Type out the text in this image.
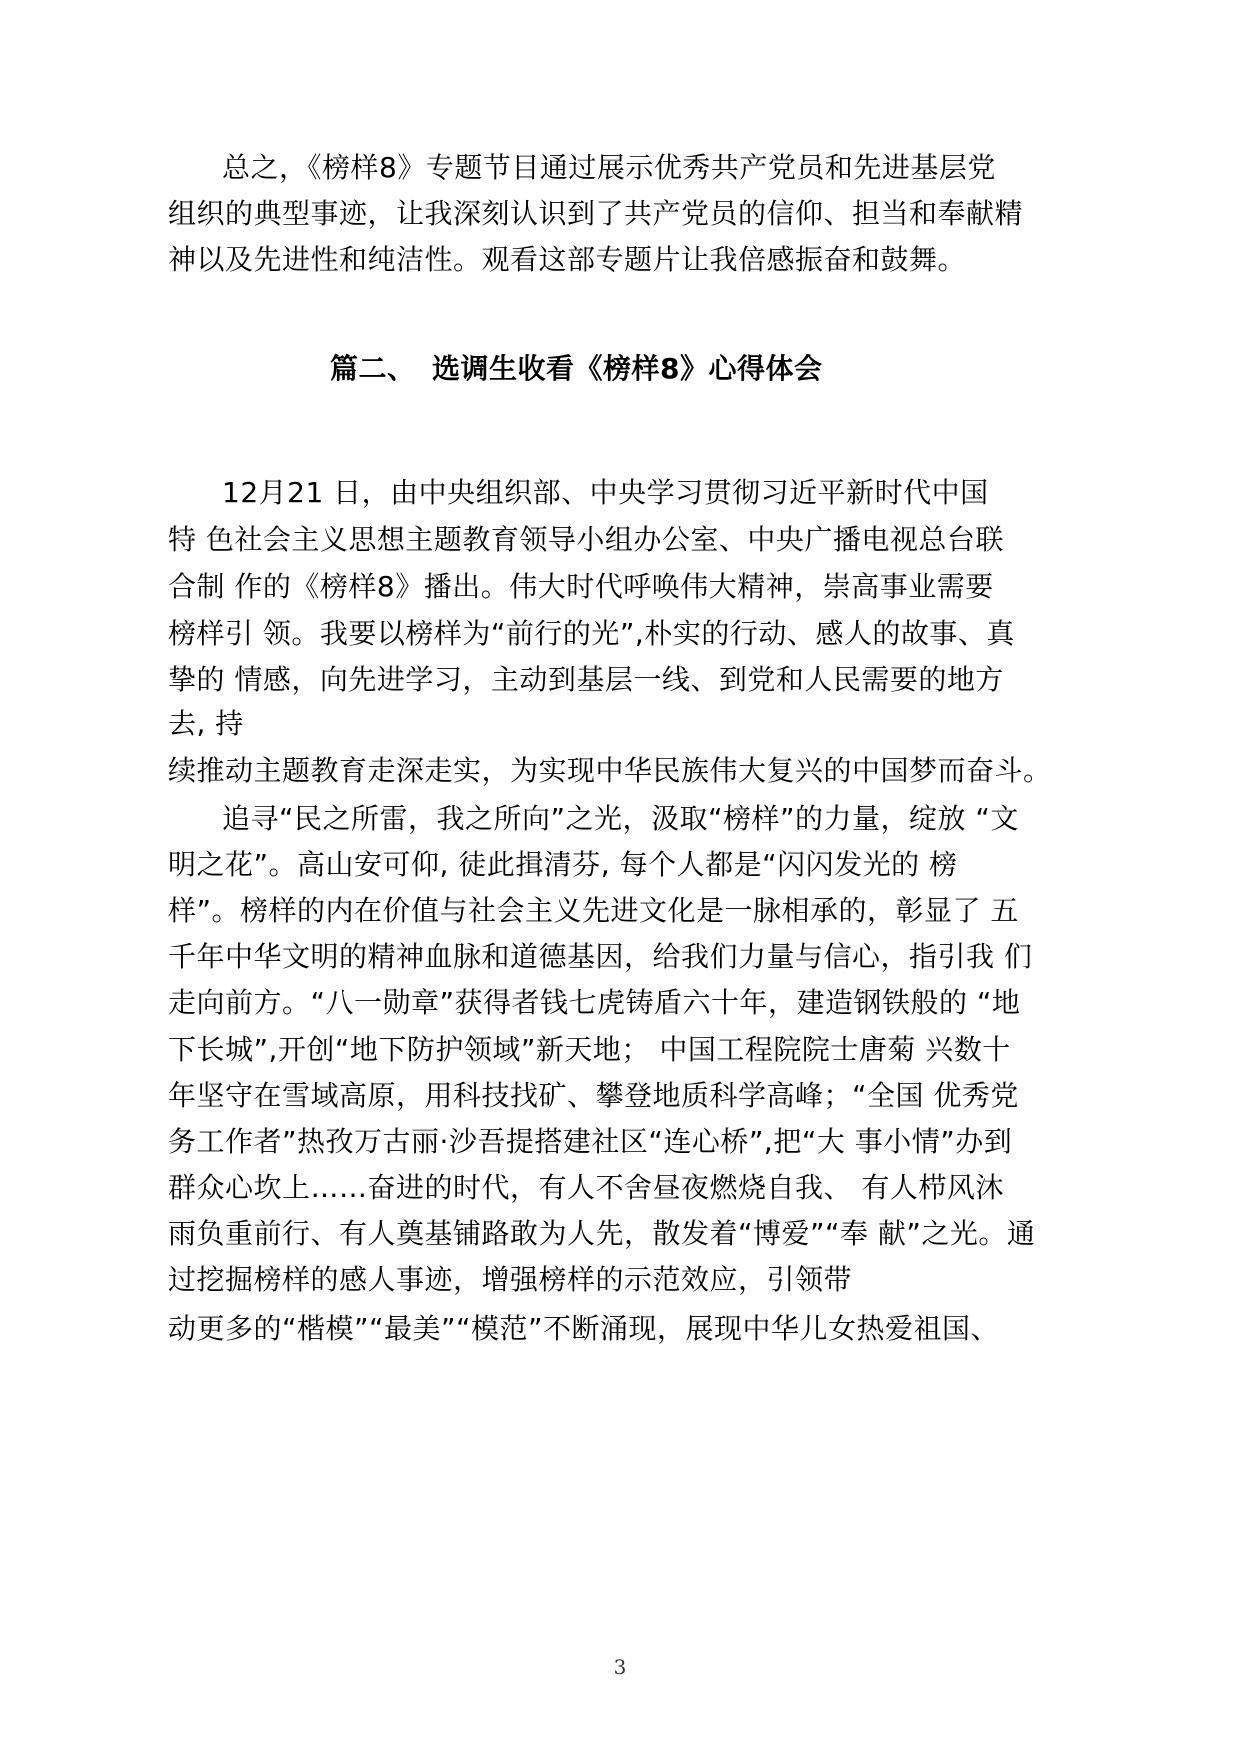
总之，《榜样8》专题节目通过展示优秀共产党员和先进基层党
组织的典型事迹，让我深刻认识到了共产党员的信仰、担当和奉献精
神以及先进性和纯洁性。观看这部专题片让我倍感振奋和鼓舞。
篇二、 选调生收看《榜样8》心得体会
12月21 日，由中央组织部、中央学习贯彻习近平新时代中国
特 色社会主义思想主题教育领导小组办公室、中央广播电视总台联
合制 作的《榜样8》播出。伟大时代呼唤伟大精神，崇高事业需要
榜样引 领。我要以榜样为“前行的光”,朴实的行动、感人的故事、真
挚的 情感，向先进学习，主动到基层一线、到党和人民需要的地方
去, 持
续推动主题教育走深走实，为实现中华民族伟大复兴的中国梦而奋斗。
追寻“民之所雷，我之所向”之光，汲取“榜样”的力量，绽放 “文
明之花”。高山安可仰, 徒此揖清芬, 每个人都是“闪闪发光的 榜
样”。榜样的内在价值与社会主义先进文化是一脉相承的，彰显了 五
千年中华文明的精神血脉和道德基因，给我们力量与信心，指引我 们
走向前方。“八一勋章”获得者钱七虎铸盾六十年，建造钢铁般的 “地
下长城”,开创“地下防护领域”新天地； 中国工程院院士唐菊 兴数十
年坚守在雪域高原，用科技找矿、攀登地质科学高峰；“全国 优秀党
务工作者”热孜万古丽·沙吾提搭建社区“连心桥”,把“大 事小情”办到
群众心坎上……奋进的时代，有人不舍昼夜燃烧自我、 有人栉风沐
雨负重前行、有人奠基铺路敢为人先，散发着“博爱”“奉 献”之光。通
过挖掘榜样的感人事迹，增强榜样的示范效应，引领带
动更多的“楷模”“最美”“模范”不断涌现，展现中华儿女热爱祖国、
3
